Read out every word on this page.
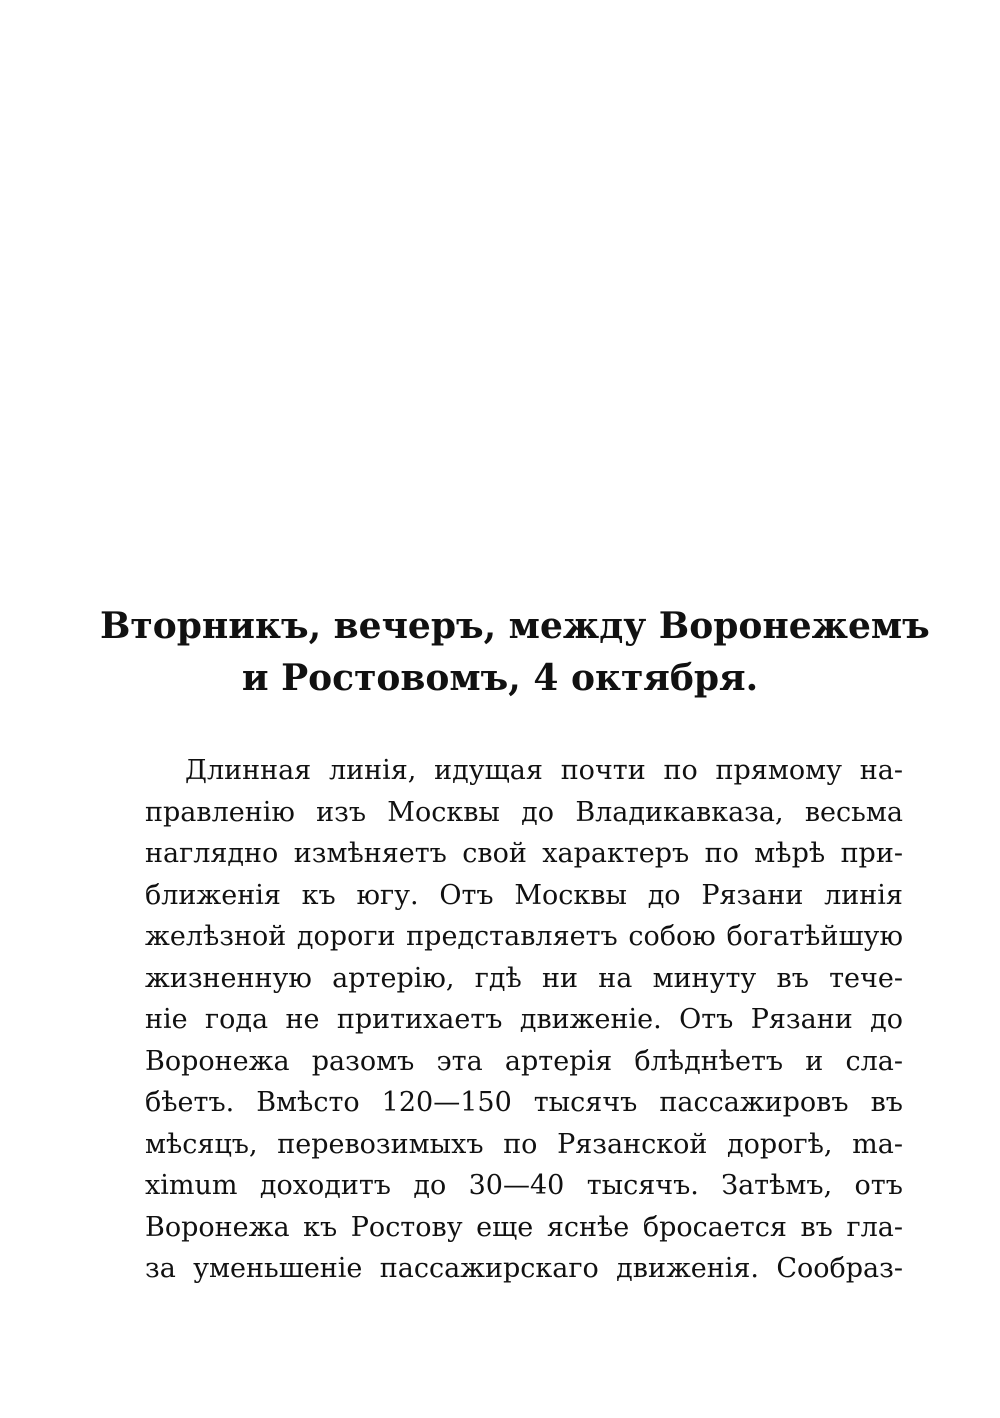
Вторникъ, вечеръ, между Воронежемъ
и Ростовомъ, 4 октября.
Длинная линія, идущая почти по прямому на-
правленію изъ Москвы до Владикавказа, весьма
наглядно измѣняетъ свой характеръ по мѣрѣ при-
ближенія къ югу. Отъ Москвы до Рязани линія
желѣзной дороги представляетъ собою богатѣйшую
жизненную артерію, гдѣ ни на минуту въ тече-
ніе года не притихаетъ движеніе. Отъ Рязани до
Воронежа разомъ эта артерія блѣднѣетъ и сла-
бѣетъ. Вмѣсто 120—150 тысячъ пассажировъ въ
мѣсяцъ, перевозимыхъ по Рязанской дорогѣ, ma-
ximum доходитъ до 30—40 тысячъ. Затѣмъ, отъ
Воронежа къ Ростову еще яснѣе бросается въ гла-
за уменьшеніе пассажирскаго движенія. Сообраз-
